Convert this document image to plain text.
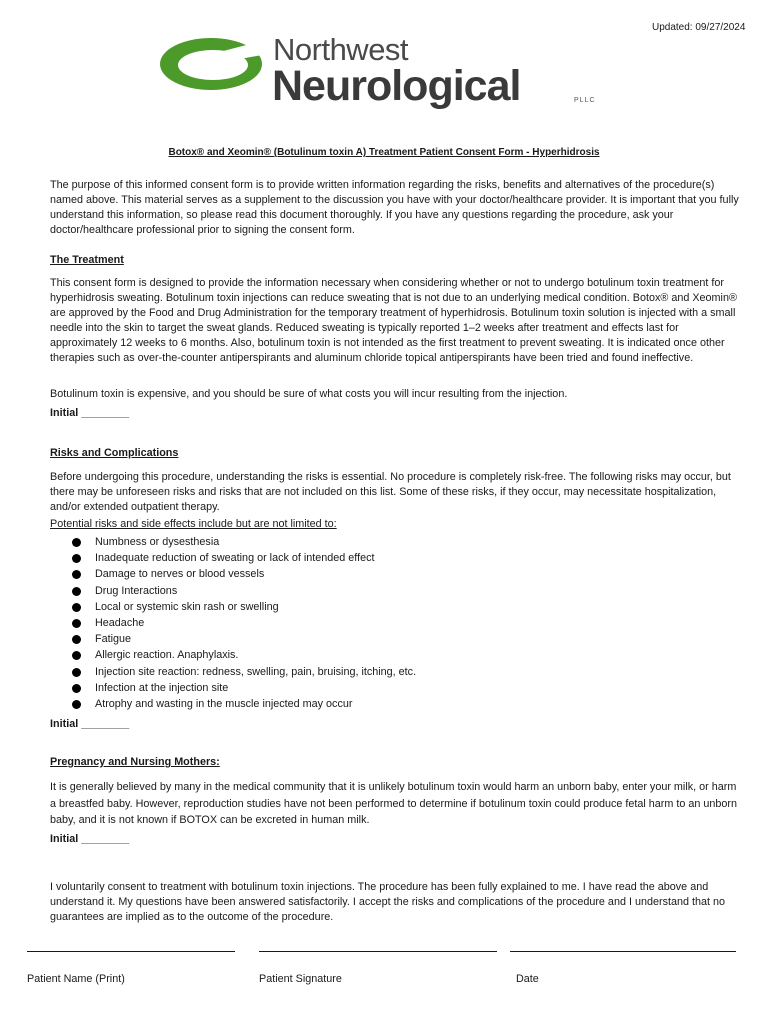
Updated: 09/27/2024
Northwest
Neurological	PLLC
Botox® and Xeomin® (Botulinum toxin A) Treatment Patient Consent Form - Hyperhidrosis
The purpose of this informed consent form is to provide written information regarding the risks, benefits and alternatives of the procedure(s) named above. This material serves as a supplement to the discussion you have with your doctor/healthcare provider. It is important that you fully understand this information, so please read this document thoroughly. If you have any questions regarding the procedure, ask your doctor/healthcare professional prior to signing the consent form.
The Treatment
This consent form is designed to provide the information necessary when considering whether or not to undergo botulinum toxin treatment for hyperhidrosis sweating. Botulinum toxin injections can reduce sweating that is not due to an underlying medical condition. Botox® and Xeomin® are approved by the Food and Drug Administration for the temporary treatment of hyperhidrosis. Botulinum toxin solution is injected with a small needle into the skin to target the sweat glands. Reduced sweating is typically reported 1–2 weeks after treatment and effects last for approximately 12 weeks to 6 months. Also, botulinum toxin is not intended as the first treatment to prevent sweating. It is indicated once other therapies such as over-the-counter antiperspirants and aluminum chloride topical antiperspirants have been tried and found ineffective.
Botulinum toxin is expensive, and you should be sure of what costs you will incur resulting from the injection.
Initial ________
Risks and Complications
Before undergoing this procedure, understanding the risks is essential. No procedure is completely risk-free. The following risks may occur, but there may be unforeseen risks and risks that are not included on this list. Some of these risks, if they occur, may necessitate hospitalization, and/or extended outpatient therapy.
Potential risks and side effects include but are not limited to:
Numbness or dysesthesia
Inadequate reduction of sweating or lack of intended effect
Damage to nerves or blood vessels
Drug Interactions
Local or systemic skin rash or swelling
Headache
Fatigue
Allergic reaction. Anaphylaxis.
Injection site reaction: redness, swelling, pain, bruising, itching, etc.
Infection at the injection site
Atrophy and wasting in the muscle injected may occur
Initial ________
Pregnancy and Nursing Mothers:
It is generally believed by many in the medical community that it is unlikely botulinum toxin would harm an unborn baby, enter your milk, or harm a breastfed baby. However, reproduction studies have not been performed to determine if botulinum toxin could produce fetal harm to an unborn baby, and it is not known if BOTOX can be excreted in human milk.
Initial ________
I voluntarily consent to treatment with botulinum toxin injections. The procedure has been fully explained to me. I have read the above and understand it. My questions have been answered satisfactorily. I accept the risks and complications of the procedure and I understand that no guarantees are implied as to the outcome of the procedure.
Patient Name (Print)	Patient Signature	Date
